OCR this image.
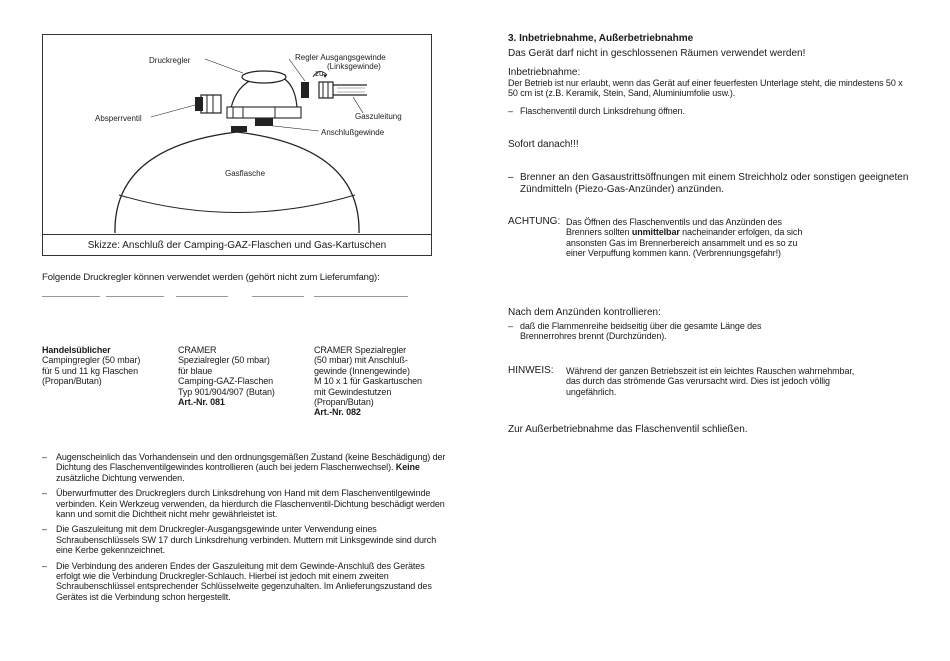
Druckregler	Regler Ausgangsgewinde
(Linksgewinde)
zu
Absperrventil	Gaszuleitung
Anschlußgewinde
Gasflasche
Skizze: Anschluß der Camping-GAZ-Flaschen und Gas-Kartuschen
Folgende Druckregler können verwendet werden (gehört nicht zum Lieferumfang):
Handelsüblicher
Campingregler (50 mbar)
für 5 und 11 kg Flaschen
(Propan/Butan)
CRAMER
Spezialregler (50 mbar)
für blaue
Camping-GAZ-Flaschen
Typ 901/904/907 (Butan)
Art.-Nr. 081
CRAMER Spezialregler
(50 mbar) mit Anschluß-
gewinde (Innengewinde)
M 10 x 1 für Gaskartuschen
mit Gewindestutzen
(Propan/Butan)
Art.-Nr. 082
– Augenscheinlich das Vorhandensein und den ordnungsgemäßen Zustand (keine Beschädigung) der Dichtung des Flaschenventilgewindes kontrollieren (auch bei jedem Flaschenwechsel). Keine zusätzliche Dichtung verwenden.
– Überwurfmutter des Druckreglers durch Linksdrehung von Hand mit dem Flaschenventilgewinde verbinden. Kein Werkzeug verwenden, da hierdurch die Flaschenventil-Dichtung beschädigt werden kann und somit die Dichtheit nicht mehr gewährleistet ist.
– Die Gaszuleitung mit dem Druckregler-Ausgangsgewinde unter Verwendung eines Schraubenschlüssels SW 17 durch Linksdrehung verbinden. Muttern mit Linksgewinde sind durch eine Kerbe gekennzeichnet.
– Die Verbindung des anderen Endes der Gaszuleitung mit dem Gewinde-Anschluß des Gerätes erfolgt wie die Verbindung Druckregler-Schlauch. Hierbei ist jedoch mit einem zweiten Schraubenschlüssel entsprechender Schlüsselweite gegenzuhalten. Im Anlieferungszustand des Gerätes ist die Verbindung schon hergestellt.
3. Inbetriebnahme, Außerbetriebnahme
Das Gerät darf nicht in geschlossenen Räumen verwendet werden!
Inbetriebnahme:
Der Betrieb ist nur erlaubt, wenn das Gerät auf einer feuerfesten Unterlage steht, die mindestens 50 x 50 cm ist (z.B. Keramik, Stein, Sand, Aluminiumfolie usw.).
– Flaschenventil durch Linksdrehung öffnen.
Sofort danach!!!
– Brenner an den Gasaustrittsöffnungen mit einem Streichholz oder sonstigen geeigneten Zündmitteln (Piezo-Gas-Anzünder) anzünden.
ACHTUNG: Das Öffnen des Flaschenventils und das Anzünden des Brenners sollten unmittelbar nacheinander erfolgen, da sich ansonsten Gas im Brennerbereich ansammelt und es so zu einer Verpuffung kommen kann. (Verbrennungsgefahr!)
Nach dem Anzünden kontrollieren:
– daß die Flammenreihe beidseitig über die gesamte Länge des Brennerrohres brennt (Durchzünden).
HINWEIS: Während der ganzen Betriebszeit ist ein leichtes Rauschen wahrnehmbar, das durch das strömende Gas verursacht wird. Dies ist jedoch völlig ungefährlich.
Zur Außerbetriebnahme das Flaschenventil schließen.
